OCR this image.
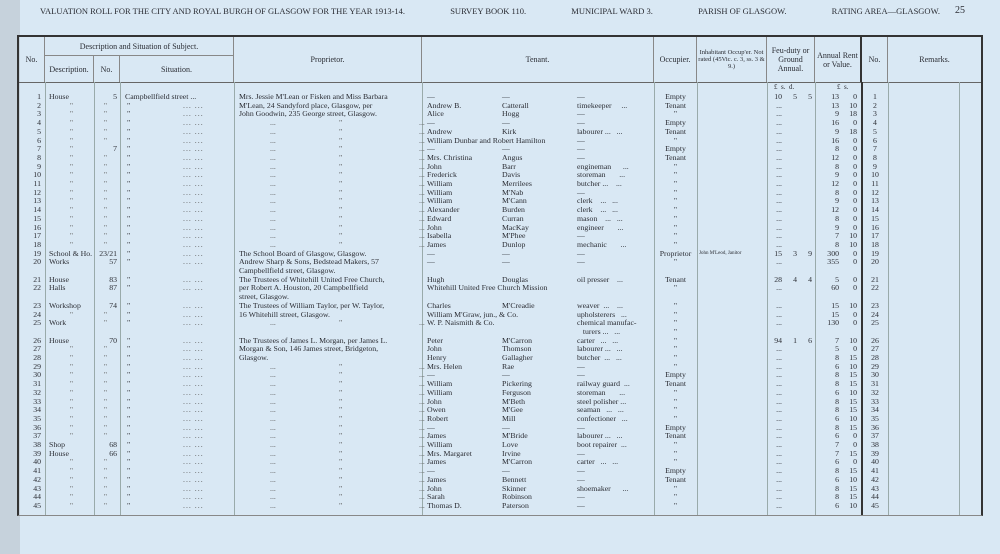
VALUATION ROLL FOR THE CITY AND ROYAL BURGH OF GLASGOW FOR THE YEAR 1913-14.	SURVEY BOOK 110.	MUNICIPAL WARD 3.	PARISH OF GLASGOW.	RATING AREA—GLASGOW. 25
No.
Description and Situation of Subject.
Description.	No.	Situation.
Proprietor.	Tenant.	Occupier.
Inhabitant Occup'er. Not rated (45Vic. c. 3, ss. 3 & 9.)
Feu-duty or Ground Annual.
Annual Rent or Value.	No.	Remarks.
£  s.  d.	£  s.
1 House	5 Campbellfield street ...	Mrs. Jessie M'Lean or Fisken and Miss Barbara	—	—	—	Empty	10	5	5	13	0	1
2	"	"	" ...	M'Lean, 24 Sandyford place, Glasgow, per	Andrew B.	Catterall	timekeeper     ...	Tenant	...	13	10	2
3	"	"	" ...	John Goodwin, 235 George street, Glasgow.	Alice	Hogg	—	"	...	9	18	3
4	"	"	" ...	... " ...	—	—	—	Empty	...	16	0	4
5	"	"	" ...	... " ...	Andrew	Kirk	labourer ...   ...	Tenant	...	9	18	5
6	"	"	" ...	... " ...	William Dunbar and Robert Hamilton	—	"	...	16	0	6
7	"	7 " ...	... " ...	—	—	—	Empty	...	8	0	7
8	"	"	" ...	... " ...	Mrs. Christina	Angus	—	Tenant	...	12	0	8
9	"	"	" ...	... " ...	John	Barr	engineman      ...	"	...	8	0	9
10	"	"	" ...	... " ...	Frederick	Davis	storeman       ...	"	...	9	0	10
11	"	"	" ...	... " ...	William	Merrilees	butcher ...    ...	"	...	12	0	11
12	"	"	" ...	... " ...	William	M'Nab	—	"	...	8	0	12
13	"	"	" ...	... " ...	William	M'Cann	clerk    ...   ...	"	...	9	0	13
14	"	"	" ...	... " ...	Alexander	Burden	clerk    ...   ...	"	...	12	0	14
15	"	"	" ...	... " ...	Edward	Curran	mason    ...   ...	"	...	8	0	15
16	"	"	" ...	... " ...	John	MacKay	engineer       ...	"	...	9	0	16
17	"	"	" ...	... " ...	Isabella	M'Phee	—	"	...	7	10	17
18	"	"	" ...	... " ...	James	Dunlop	mechanic       ...	"	...	8	10	18
19 School & Ho. 23/21 " ...	The School Board of Glasgow, Glasgow.	—	—	—	Proprietor	John M'Leod, Janitor	15	3	9	300	0	19
20 Works	57 " ...	Andrew Sharp & Sons, Bedstead Makers, 57	—	—	—	"	...	355	0	20
Campbellfield street, Glasgow.
21 House	83 " ...	The Trustees of Whitehill United Free Church,	Hugh	Douglas	oil presser    ...	Tenant	28	4	4	5	0	21
22 Halls	87 " ...	per Robert A. Houston, 20 Campbellfield	Whitehill United Free Church Mission	"	...	60	0	22
street, Glasgow.
23 Workshop	74 " ...	The Trustees of William Taylor, per W. Taylor,	Charles	M'Creadie	weaver  ...    ...	"	...	15	10	23
24	"	"	" ...	16 Whitehill street, Glasgow.	William M'Graw, jun., & Co.	upholsterers   ...	"	...	15	0	24
25 Work	"	" ...	... " ...	W. P. Naismith & Co.	chemical manufac-	"	...	130	0	25
turers ...   ...	"
26 House	70 " ...	The Trustees of James L. Morgan, per James L.	Peter	M'Carron	carter   ...   ...	"	94	1	6	7	10	26
27	"	"	" ...	Morgan & Son, 146 James street, Bridgeton,	John	Thomson	labourer ...   ...	"	...	5	0	27
28	"	"	" ...	Glasgow.	Henry	Gallagher	butcher  ...   ...	"	...	8	15	28
29	"	"	" ...	... " ...	Mrs. Helen	Rae	—	"	...	6	10	29
30	"	"	" ...	... " ...	—	—	—	Empty	...	8	15	30
31	"	"	" ...	... " ...	William	Pickering	railway guard  ...	Tenant	...	8	15	31
32	"	"	" ...	... " ...	William	Ferguson	storeman       ...	"	...	6	10	32
33	"	"	" ...	... " ...	John	M'Beth	steel polisher ...	"	...	8	15	33
34	"	"	" ...	... " ...	Owen	M'Gee	seaman   ...   ...	"	...	8	15	34
35	"	"	" ...	... " ...	Robert	Mill	confectioner   ...	"	...	6	10	35
36	"	"	" ...	... " ...	—	—	—	Empty	...	8	15	36
37	"	"	" ...	... " ...	James	M'Bride	labourer ...   ...	Tenant	...	6	0	37
38 Shop	68 " ...	... " ...	William	Love	boot repairer  ...	"	...	7	0	38
39 House	66 " ...	... " ...	Mrs. Margaret	Irvine	—	"	...	7	15	39
40	"	"	" ...	... " ...	James	M'Carron	carter   ...   ...	"	...	6	0	40
41	"	"	" ...	... " ...	—	—	—	Empty	...	8	15	41
42	"	"	" ...	... " ...	James	Bennett	—	Tenant	...	6	10	42
43	"	"	" ...	... " ...	John	Skinner	shoemaker      ...	"	...	8	15	43
44	"	"	" ...	... " ...	Sarah	Robinson	—	"	...	8	15	44
45	"	"	" ...	... " ...	Thomas D.	Paterson	—	"	...	6	10	45
